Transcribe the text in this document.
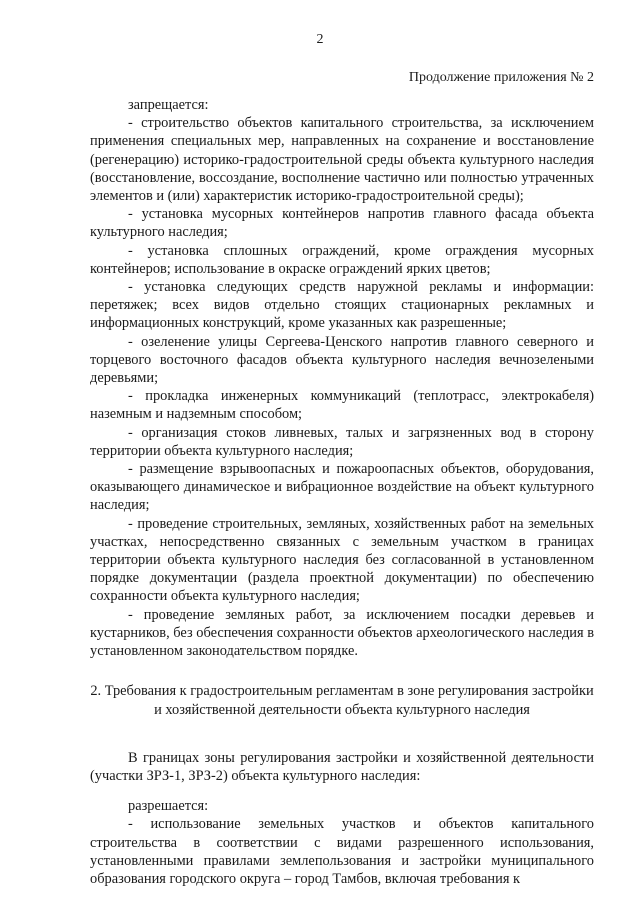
2
Продолжение приложения № 2

запрещается:

- строительство объектов капитального строительства, за исключением применения специальных мер, направленных на сохранение и восстановление (регенерацию) историко-градостроительной среды объекта культурного наследия (восстановление, воссоздание, восполнение частично или полностью утраченных элементов и (или) характеристик историко-градостроительной среды);

- установка мусорных контейнеров напротив главного фасада объекта культурного наследия;

- установка сплошных ограждений, кроме ограждения мусорных контейнеров; использование в окраске ограждений ярких цветов;

- установка следующих средств наружной рекламы и информации: перетяжек; всех видов отдельно стоящих стационарных рекламных и информационных конструкций, кроме указанных как разрешенные;

- озеленение улицы Сергеева-Ценского напротив главного северного и торцевого восточного фасадов объекта культурного наследия вечнозелеными деревьями;

- прокладка инженерных коммуникаций (теплотрасс, электрокабеля) наземным и надземным способом;

- организация стоков ливневых, талых и загрязненных вод в сторону территории объекта культурного наследия;

- размещение взрывоопасных и пожароопасных объектов, оборудования, оказывающего динамическое и вибрационное воздействие на объект культурного наследия;

- проведение строительных, земляных, хозяйственных работ на земельных участках, непосредственно связанных с земельным участком в границах территории объекта культурного наследия без согласованной в установленном порядке документации (раздела проектной документации) по обеспечению сохранности объекта культурного наследия;

- проведение земляных работ, за исключением посадки деревьев и кустарников, без обеспечения сохранности объектов археологического наследия в установленном законодательством порядке.

2. Требования к градостроительным регламентам в зоне регулирования застройки и хозяйственной деятельности объекта культурного наследия

В границах зоны регулирования застройки и хозяйственной деятельности (участки ЗРЗ-1, ЗРЗ-2) объекта культурного наследия:

разрешается:

- использование земельных участков и объектов капитального строительства в соответствии с видами разрешенного использования, установленными правилами землепользования и застройки муниципального образования городского округа – город Тамбов, включая требования к
